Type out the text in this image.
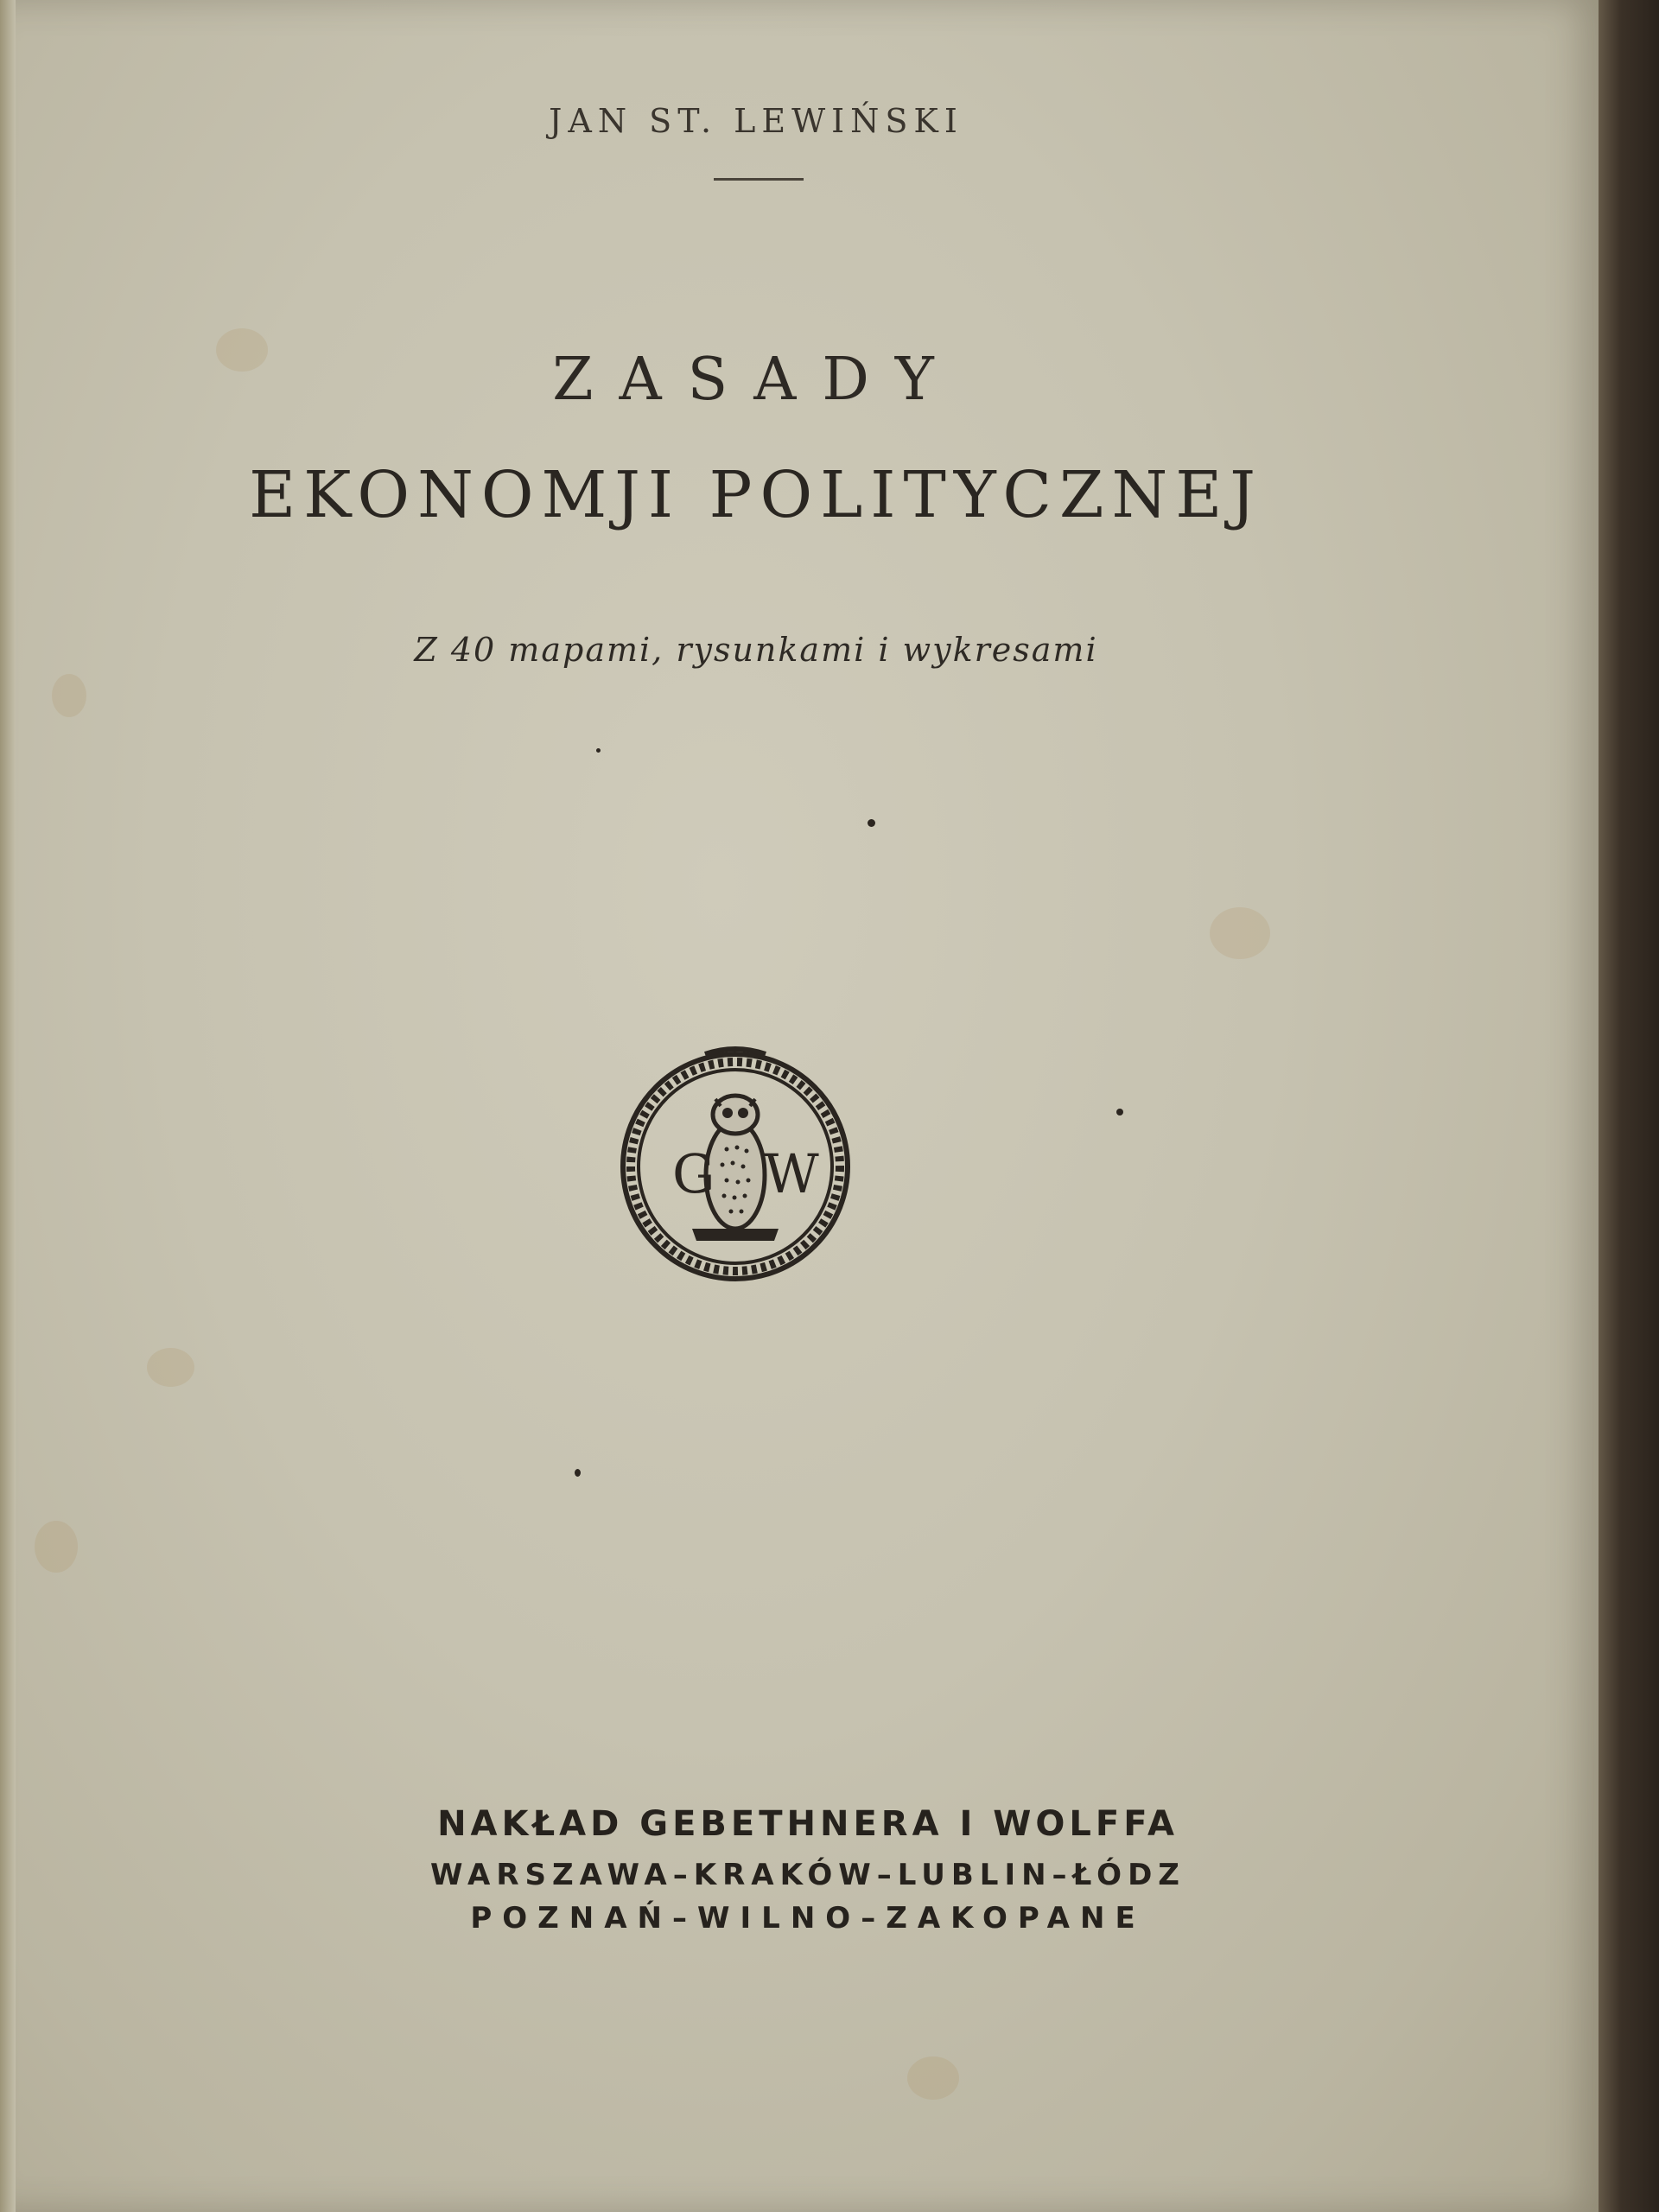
JAN ST. LEWIŃSKI
ZASADY
EKONOMJI POLITYCZNEJ
Z 40 mapami, rysunkami i wykresami
G W
NAKŁAD GEBETHNERA I WOLFFA
WARSZAWA–KRAKÓW–LUBLIN–ŁÓDZ
POZNAŃ–WILNO–ZAKOPANE
